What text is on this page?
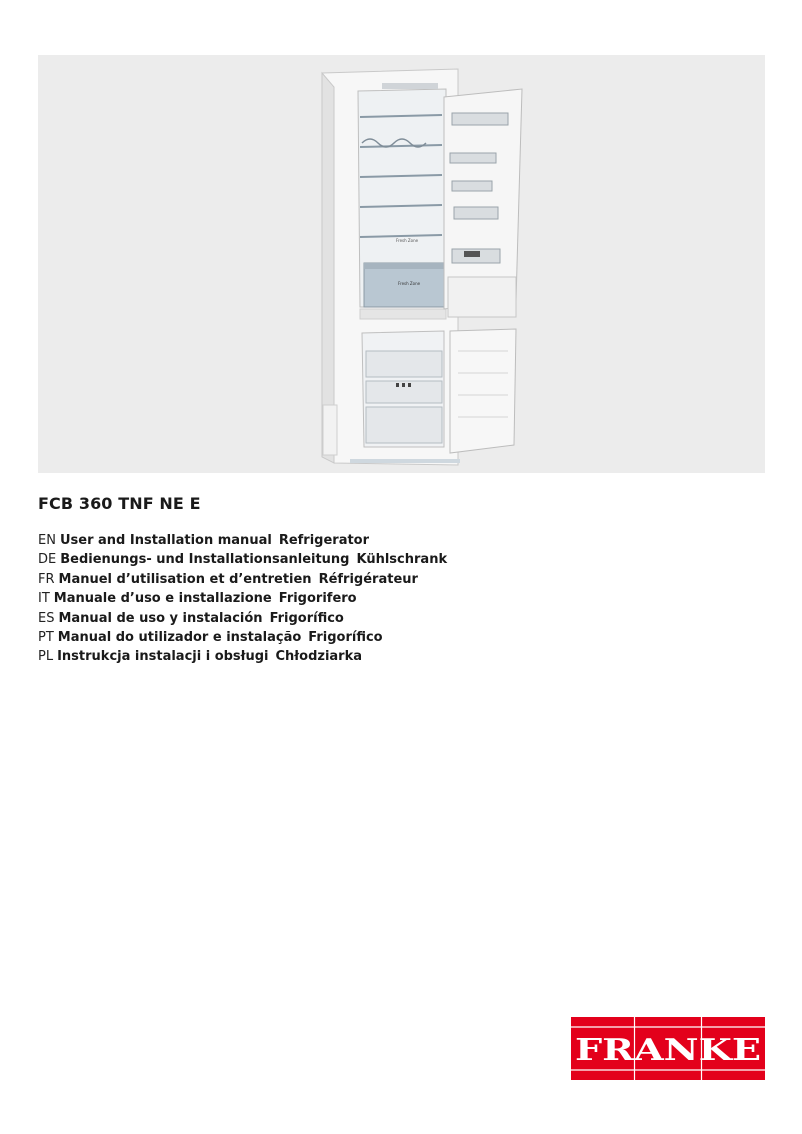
Fresh Zone
Fresh Zone
FCB 360 TNF NE E
EN User and Installation manual Refrigerator
DE Bedienungs- und Installationsanleitung Kühlschrank
FR Manuel d’utilisation et d’entretien Réfrigérateur
IT Manuale d’uso e installazione Frigorifero
ES Manual de uso y instalación Frigorífico
PT Manual do utilizador e instalação Frigorífico
PL Instrukcja instalacji i obsługi Chłodziarka
FRANKE
